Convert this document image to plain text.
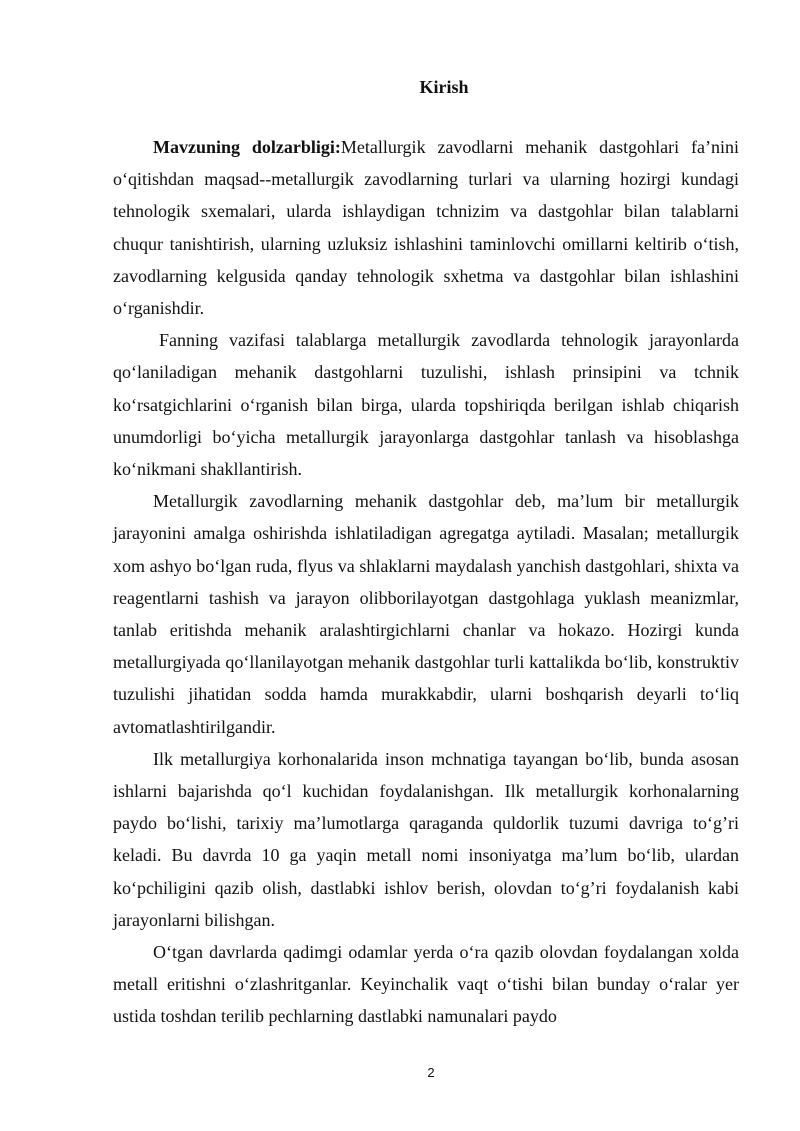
Kirish

Mavzuning dolzarbligi:Metallurgik zavodlarni mehanik dastgohlari fa’nini o‘qitishdan maqsad--metallurgik zavodlarning turlari va ularning hozirgi kundagi tehnologik sxemalari, ularda ishlaydigan tchnizim va dastgohlar bilan talablarni chuqur tanishtirish, ularning uzluksiz ishlashini taminlovchi omillarni keltirib o‘tish, zavodlarning kelgusida qanday tehnologik sxhetma va dastgohlar bilan ishlashini o‘rganishdir.

Fanning vazifasi talablarga metallurgik zavodlarda tehnologik jarayonlarda qo‘laniladigan mehanik dastgohlarni tuzulishi, ishlash prinsipini va tchnik ko‘rsatgichlarini o‘rganish bilan birga, ularda topshiriqda berilgan ishlab chiqarish unumdorligi bo‘yicha metallurgik jarayonlarga dastgohlar tanlash va hisoblashga ko‘nikmani shakllantirish.

Metallurgik zavodlarning mehanik dastgohlar deb, ma’lum bir metallurgik jarayonini amalga oshirishda ishlatiladigan agregatga aytiladi. Masalan; metallurgik xom ashyo bo‘lgan ruda, flyus va shlaklarni maydalash yanchish dastgohlari, shixta va reagentlarni tashish va jarayon olibborilayotgan dastgohlaga yuklash meanizmlar, tanlab eritishda mehanik aralashtirgichlarni chanlar va hokazo. Hozirgi kunda metallurgiyada qo‘llanilayotgan mehanik dastgohlar turli kattalikda bo‘lib, konstruktiv tuzulishi jihatidan sodda hamda murakkabdir, ularni boshqarish deyarli to‘liq avtomatlashtirilgandir.

Ilk metallurgiya korhonalarida inson mchnatiga tayangan bo‘lib, bunda asosan ishlarni bajarishda qo‘l kuchidan foydalanishgan. Ilk metallurgik korhonalarning paydo bo‘lishi, tarixiy ma’lumotlarga qaraganda quldorlik tuzumi davriga to‘g’ri keladi. Bu davrda 10 ga yaqin metall nomi insoniyatga ma’lum bo‘lib, ulardan ko‘pchiligini qazib olish, dastlabki ishlov berish, olovdan to‘g’ri foydalanish kabi jarayonlarni bilishgan.

O‘tgan davrlarda qadimgi odamlar yerda o‘ra qazib olovdan foydalangan xolda metall eritishni o‘zlashritganlar. Keyinchalik vaqt o‘tishi bilan bunday o‘ralar yer ustida toshdan terilib pechlarning dastlabki namunalari paydo

2
